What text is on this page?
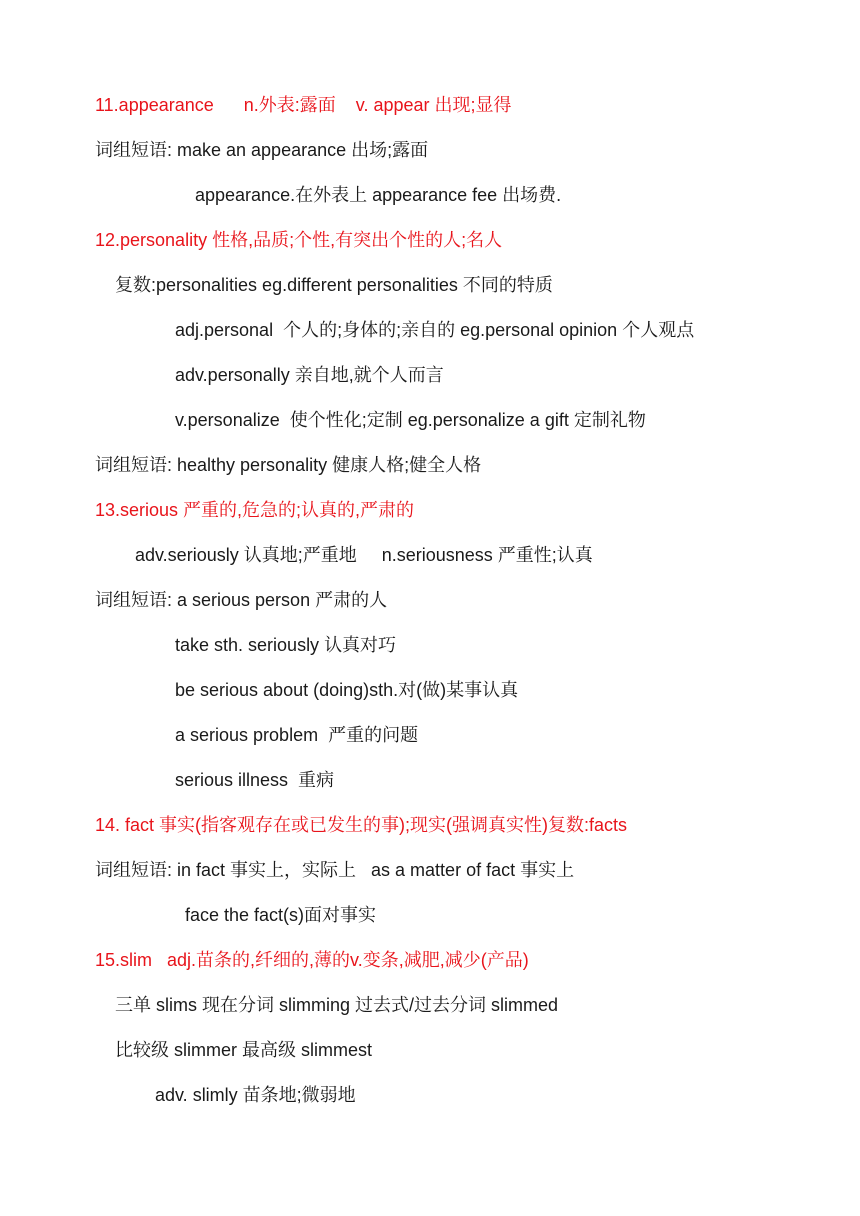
11.appearance      n.外表:露面    v. appear 出现;显得
词组短语: make an appearance 出场;露面
appearance.在外表上 appearance fee 出场费.
12.personality 性格,品质;个性,有突出个性的人;名人
复数:personalities eg.different personalities 不同的特质
adj.personal  个人的;身体的;亲自的 eg.personal opinion 个人观点
adv.personally 亲自地,就个人而言
v.personalize  使个性化;定制 eg.personalize a gift 定制礼物
词组短语: healthy personality 健康人格;健全人格
13.serious 严重的,危急的;认真的,严肃的
adv.seriously 认真地;严重地     n.seriousness 严重性;认真
词组短语: a serious person 严肃的人
take sth. seriously 认真对巧
be serious about (doing)sth.对(做)某事认真
a serious problem  严重的问题
serious illness  重病
14. fact 事实(指客观存在或已发生的事);现实(强调真实性)复数:facts
词组短语: in fact 事实上，实际上   as a matter of fact 事实上
face the fact(s)面对事实
15.slim   adj.苗条的,纤细的,薄的v.变条,减肥,减少(产品)
三单 slims 现在分词 slimming 过去式/过去分词 slimmed
比较级 slimmer 最高级 slimmest
adv. slimly 苗条地;微弱地
